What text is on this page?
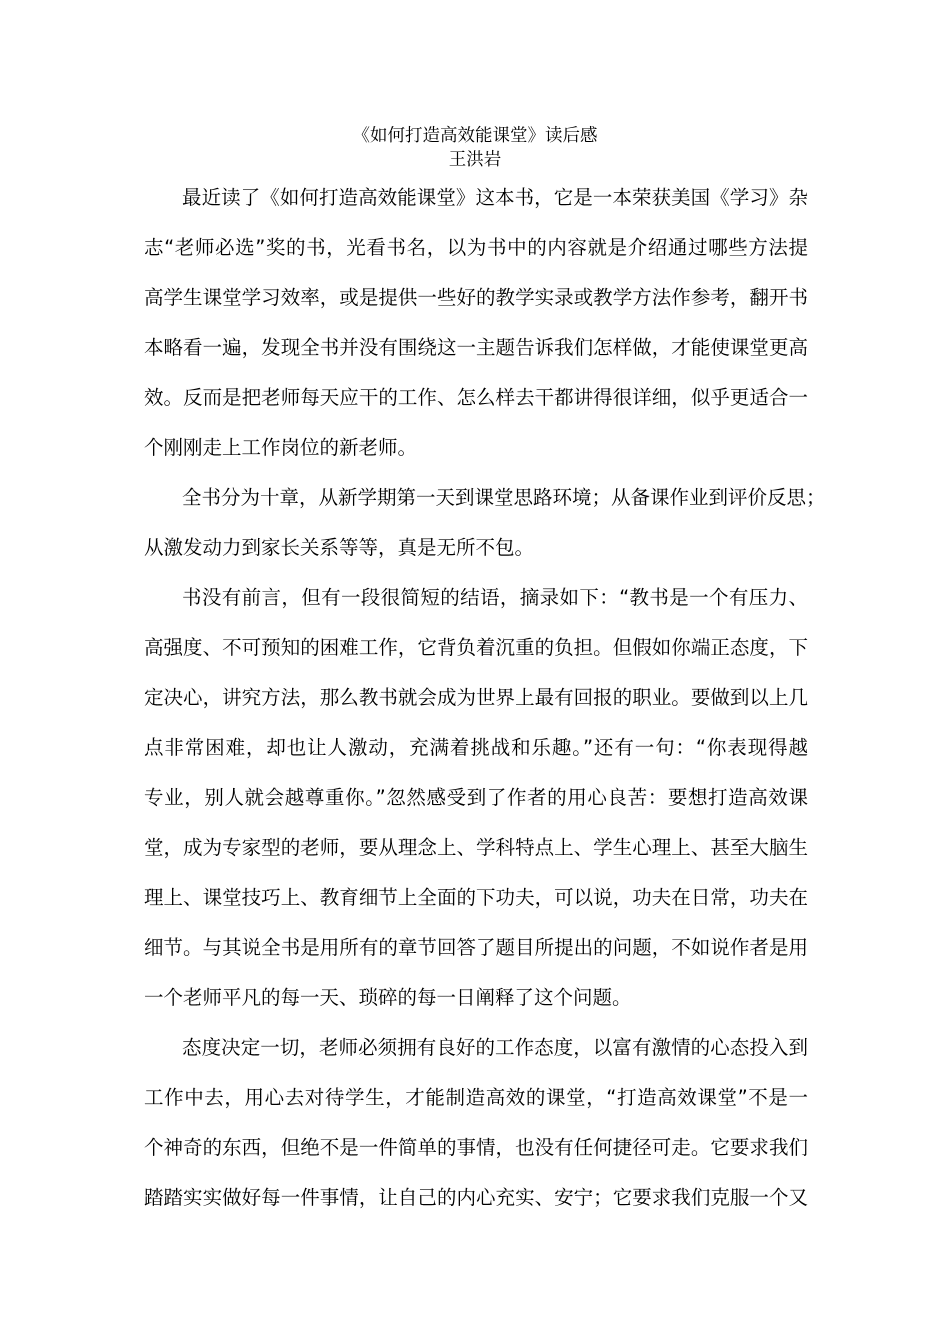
《如何打造高效能课堂》读后感
王洪岩
最近读了《如何打造高效能课堂》这本书，它是一本荣获美国《学习》杂
志“老师必选”奖的书，光看书名，以为书中的内容就是介绍通过哪些方法提
高学生课堂学习效率，或是提供一些好的教学实录或教学方法作参考，翻开书
本略看一遍，发现全书并没有围绕这一主题告诉我们怎样做，才能使课堂更高
效。反而是把老师每天应干的工作、怎么样去干都讲得很详细，似乎更适合一
个刚刚走上工作岗位的新老师。
全书分为十章，从新学期第一天到课堂思路环境；从备课作业到评价反思；
从激发动力到家长关系等等，真是无所不包。
书没有前言，但有一段很简短的结语，摘录如下：“教书是一个有压力、
高强度、不可预知的困难工作，它背负着沉重的负担。但假如你端正态度，下
定决心，讲究方法，那么教书就会成为世界上最有回报的职业。要做到以上几
点非常困难，却也让人激动，充满着挑战和乐趣。”还有一句：“你表现得越
专业，别人就会越尊重你。”忽然感受到了作者的用心良苦：要想打造高效课
堂，成为专家型的老师，要从理念上、学科特点上、学生心理上、甚至大脑生
理上、课堂技巧上、教育细节上全面的下功夫，可以说，功夫在日常，功夫在
细节。与其说全书是用所有的章节回答了题目所提出的问题，不如说作者是用
一个老师平凡的每一天、琐碎的每一日阐释了这个问题。
态度决定一切，老师必须拥有良好的工作态度，以富有激情的心态投入到
工作中去，用心去对待学生，才能制造高效的课堂，“打造高效课堂”不是一
个神奇的东西，但绝不是一件简单的事情，也没有任何捷径可走。它要求我们
踏踏实实做好每一件事情，让自己的内心充实、安宁；它要求我们克服一个又
